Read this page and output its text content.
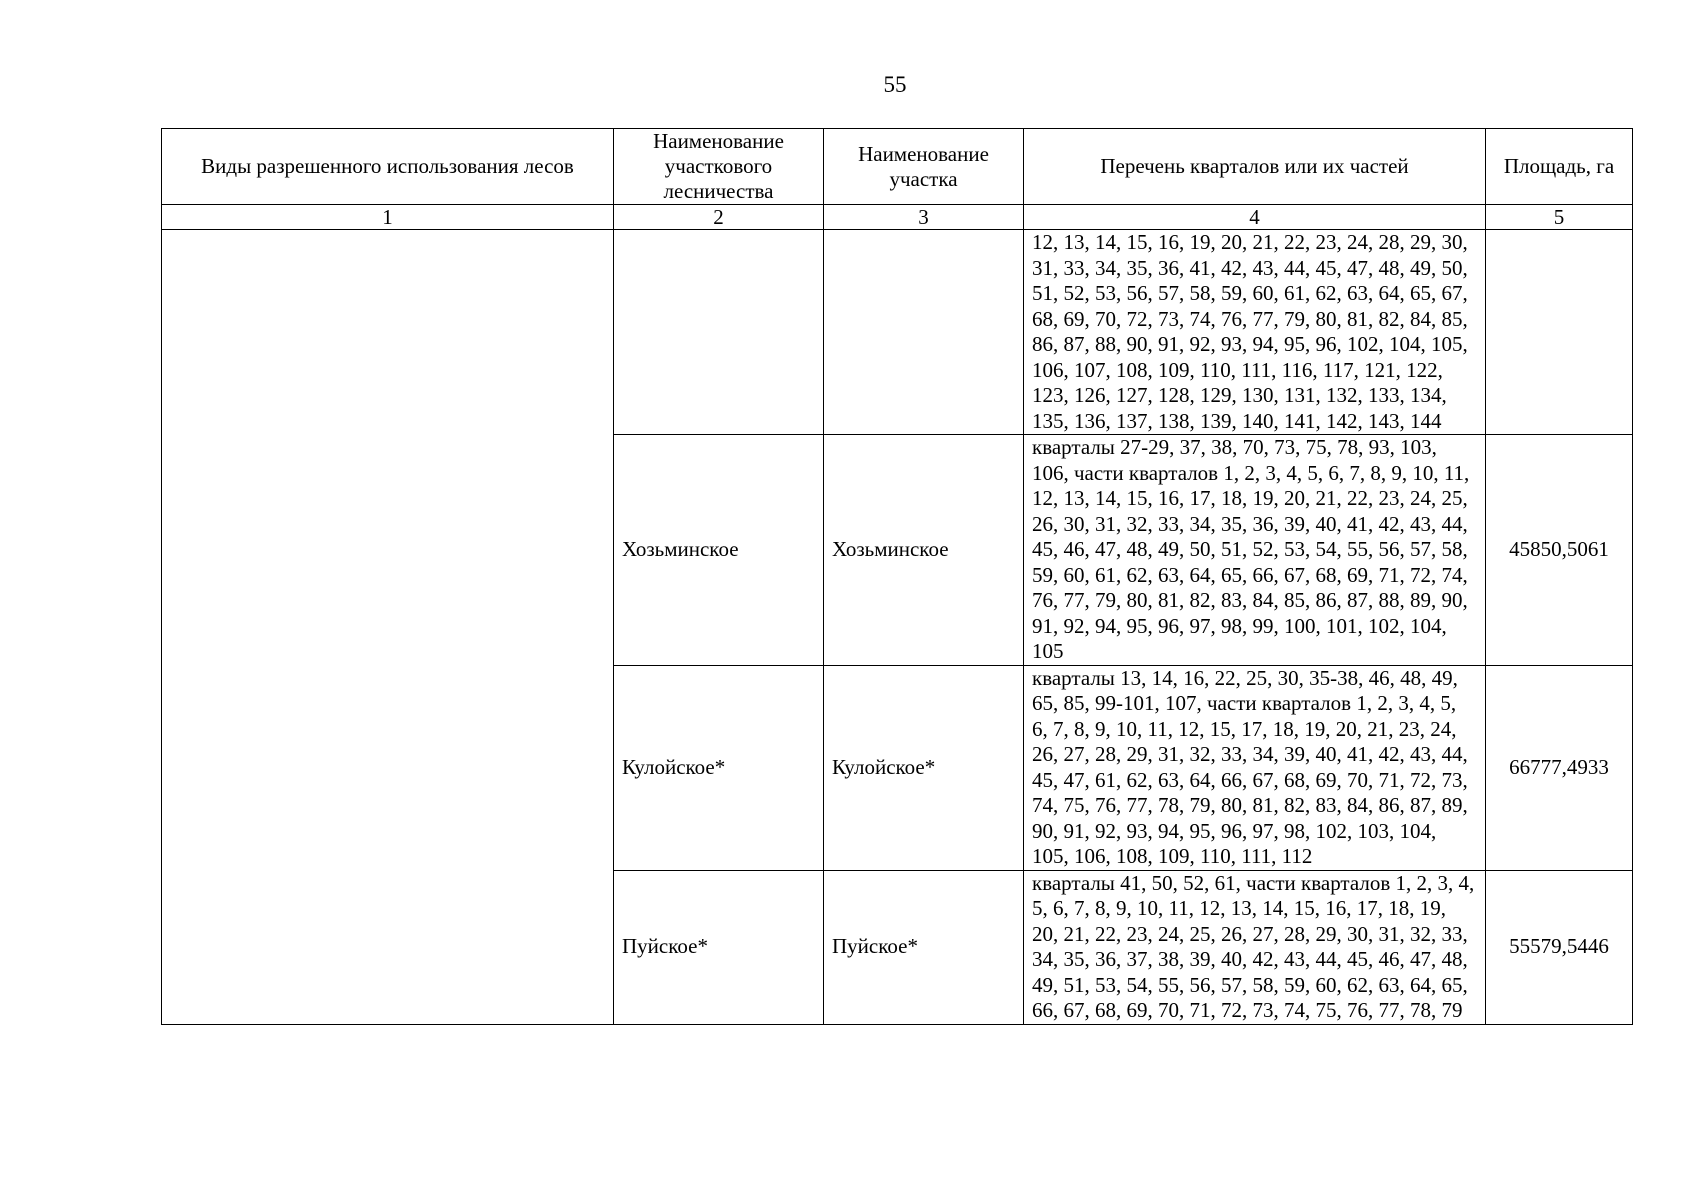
55
Виды разрешенного использования лесов	Наименование участкового лесничества	Наименование участка	Перечень кварталов или их частей	Площадь, га
1	2	3	4	5
			12, 13, 14, 15, 16, 19, 20, 21, 22, 23, 24, 28, 29, 30, 31, 33, 34, 35, 36, 41, 42, 43, 44, 45, 47, 48, 49, 50, 51, 52, 53, 56, 57, 58, 59, 60, 61, 62, 63, 64, 65, 67, 68, 69, 70, 72, 73, 74, 76, 77, 79, 80, 81, 82, 84, 85, 86, 87, 88, 90, 91, 92, 93, 94, 95, 96, 102, 104, 105, 106, 107, 108, 109, 110, 111, 116, 117, 121, 122, 123, 126, 127, 128, 129, 130, 131, 132, 133, 134, 135, 136, 137, 138, 139, 140, 141, 142, 143, 144	
	Хозьминское	Хозьминское	кварталы 27-29, 37, 38, 70, 73, 75, 78, 93, 103, 106, части кварталов 1, 2, 3, 4, 5, 6, 7, 8, 9, 10, 11, 12, 13, 14, 15, 16, 17, 18, 19, 20, 21, 22, 23, 24, 25, 26, 30, 31, 32, 33, 34, 35, 36, 39, 40, 41, 42, 43, 44, 45, 46, 47, 48, 49, 50, 51, 52, 53, 54, 55, 56, 57, 58, 59, 60, 61, 62, 63, 64, 65, 66, 67, 68, 69, 71, 72, 74, 76, 77, 79, 80, 81, 82, 83, 84, 85, 86, 87, 88, 89, 90, 91, 92, 94, 95, 96, 97, 98, 99, 100, 101, 102, 104, 105	45850,5061
	Кулойское*	Кулойское*	кварталы 13, 14, 16, 22, 25, 30, 35-38, 46, 48, 49, 65, 85, 99-101, 107, части кварталов 1, 2, 3, 4, 5, 6, 7, 8, 9, 10, 11, 12, 15, 17, 18, 19, 20, 21, 23, 24, 26, 27, 28, 29, 31, 32, 33, 34, 39, 40, 41, 42, 43, 44, 45, 47, 61, 62, 63, 64, 66, 67, 68, 69, 70, 71, 72, 73, 74, 75, 76, 77, 78, 79, 80, 81, 82, 83, 84, 86, 87, 89, 90, 91, 92, 93, 94, 95, 96, 97, 98, 102, 103, 104, 105, 106, 108, 109, 110, 111, 112	66777,4933
	Пуйское*	Пуйское*	кварталы 41, 50, 52, 61, части кварталов 1, 2, 3, 4, 5, 6, 7, 8, 9, 10, 11, 12, 13, 14, 15, 16, 17, 18, 19, 20, 21, 22, 23, 24, 25, 26, 27, 28, 29, 30, 31, 32, 33, 34, 35, 36, 37, 38, 39, 40, 42, 43, 44, 45, 46, 47, 48, 49, 51, 53, 54, 55, 56, 57, 58, 59, 60, 62, 63, 64, 65, 66, 67, 68, 69, 70, 71, 72, 73, 74, 75, 76, 77, 78, 79	55579,5446
